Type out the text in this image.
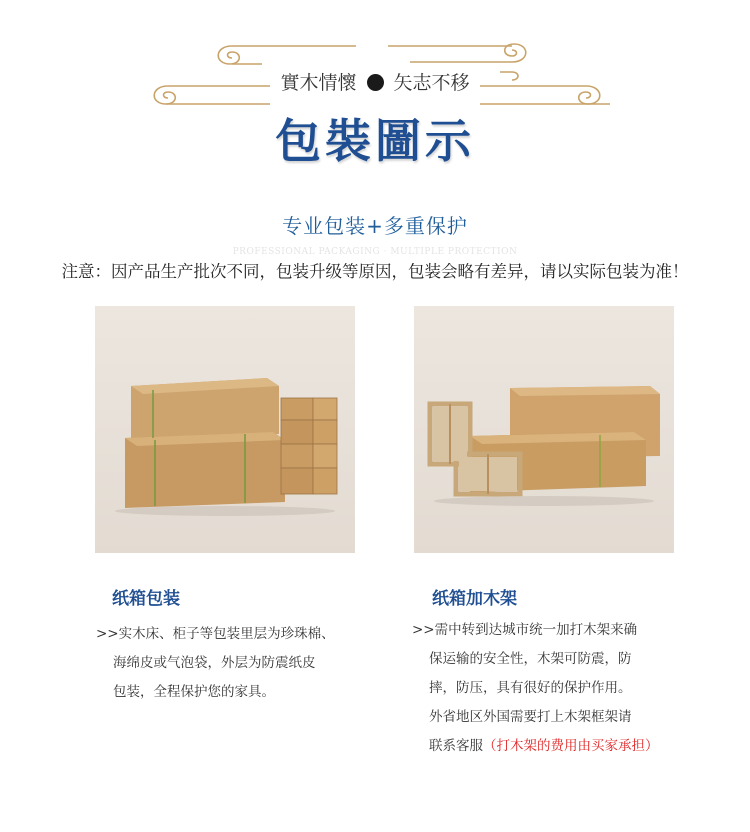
實木情懷 矢志不移
包裝圖示
专业包装+多重保护
PROFESSIONAL PACKAGING · MULTIPLE PROTECTION
注意：因产品生产批次不同，包装升级等原因，包装会略有差异，请以实际包装为准！
纸箱包装
>>实木床、柜子等包装里层为珍珠棉、
海绵皮或气泡袋，外层为防震纸皮
包装，全程保护您的家具。
纸箱加木架
>>需中转到达城市统一加打木架来确
保运输的安全性，木架可防震，防
摔，防压，具有很好的保护作用。
外省地区外国需要打上木架框架请
联系客服（打木架的费用由买家承担）
